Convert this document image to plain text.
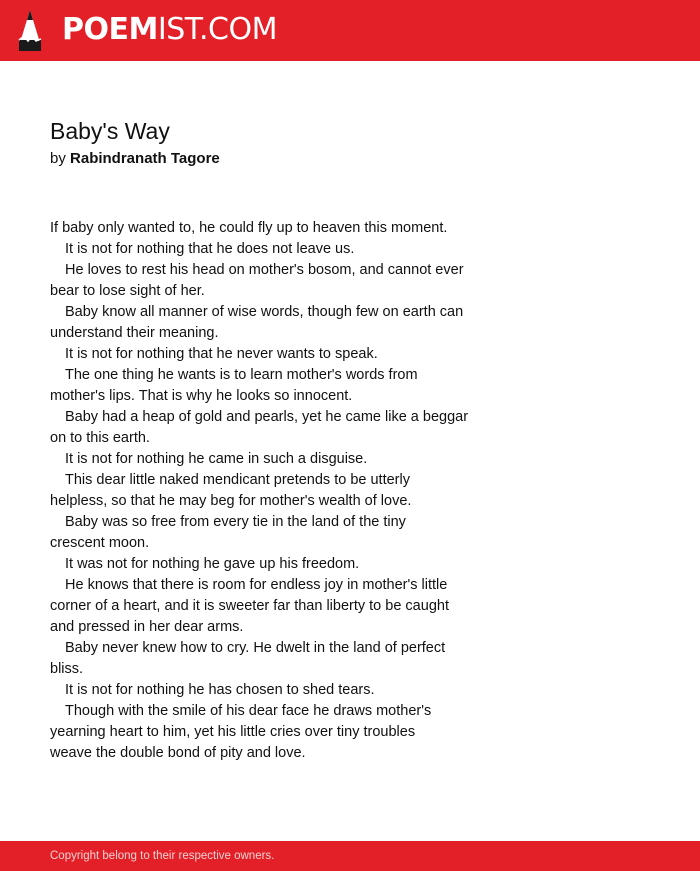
POEMIST.COM
Baby's Way
by Rabindranath Tagore
If baby only wanted to, he could fly up to heaven this moment.
It is not for nothing that he does not leave us.
He loves to rest his head on mother's bosom, and cannot ever
bear to lose sight of her.
Baby know all manner of wise words, though few on earth can
understand their meaning.
It is not for nothing that he never wants to speak.
The one thing he wants is to learn mother's words from
mother's lips. That is why he looks so innocent.
Baby had a heap of gold and pearls, yet he came like a beggar
on to this earth.
It is not for nothing he came in such a disguise.
This dear little naked mendicant pretends to be utterly
helpless, so that he may beg for mother's wealth of love.
Baby was so free from every tie in the land of the tiny
crescent moon.
It was not for nothing he gave up his freedom.
He knows that there is room for endless joy in mother's little
corner of a heart, and it is sweeter far than liberty to be caught
and pressed in her dear arms.
Baby never knew how to cry. He dwelt in the land of perfect
bliss.
It is not for nothing he has chosen to shed tears.
Though with the smile of his dear face he draws mother's
yearning heart to him, yet his little cries over tiny troubles
weave the double bond of pity and love.
Copyright belong to their respective owners.
